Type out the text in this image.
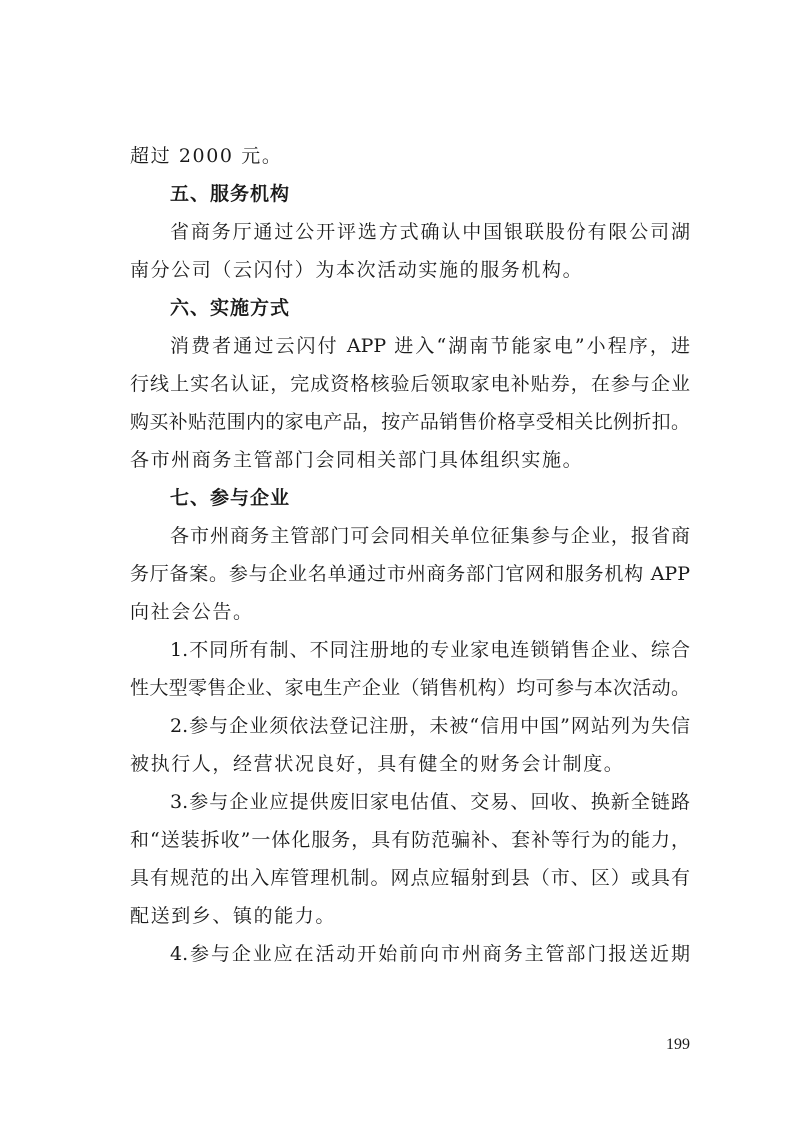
超过 2000 元。
五、服务机构
省商务厅通过公开评选方式确认中国银联股份有限公司湖
南分公司（云闪付）为本次活动实施的服务机构。
六、实施方式
消费者通过云闪付 APP 进入“湖南节能家电”小程序，进
行线上实名认证，完成资格核验后领取家电补贴券，在参与企业
购买补贴范围内的家电产品，按产品销售价格享受相关比例折扣。
各市州商务主管部门会同相关部门具体组织实施。
七、参与企业
各市州商务主管部门可会同相关单位征集参与企业，报省商
务厅备案。参与企业名单通过市州商务部门官网和服务机构 APP
向社会公告。
1.不同所有制、不同注册地的专业家电连锁销售企业、综合
性大型零售企业、家电生产企业（销售机构）均可参与本次活动。
2.参与企业须依法登记注册，未被“信用中国”网站列为失信
被执行人，经营状况良好，具有健全的财务会计制度。
3.参与企业应提供废旧家电估值、交易、回收、换新全链路
和“送装拆收”一体化服务，具有防范骗补、套补等行为的能力，
具有规范的出入库管理机制。网点应辐射到县（市、区）或具有
配送到乡、镇的能力。
4.参与企业应在活动开始前向市州商务主管部门报送近期
199
